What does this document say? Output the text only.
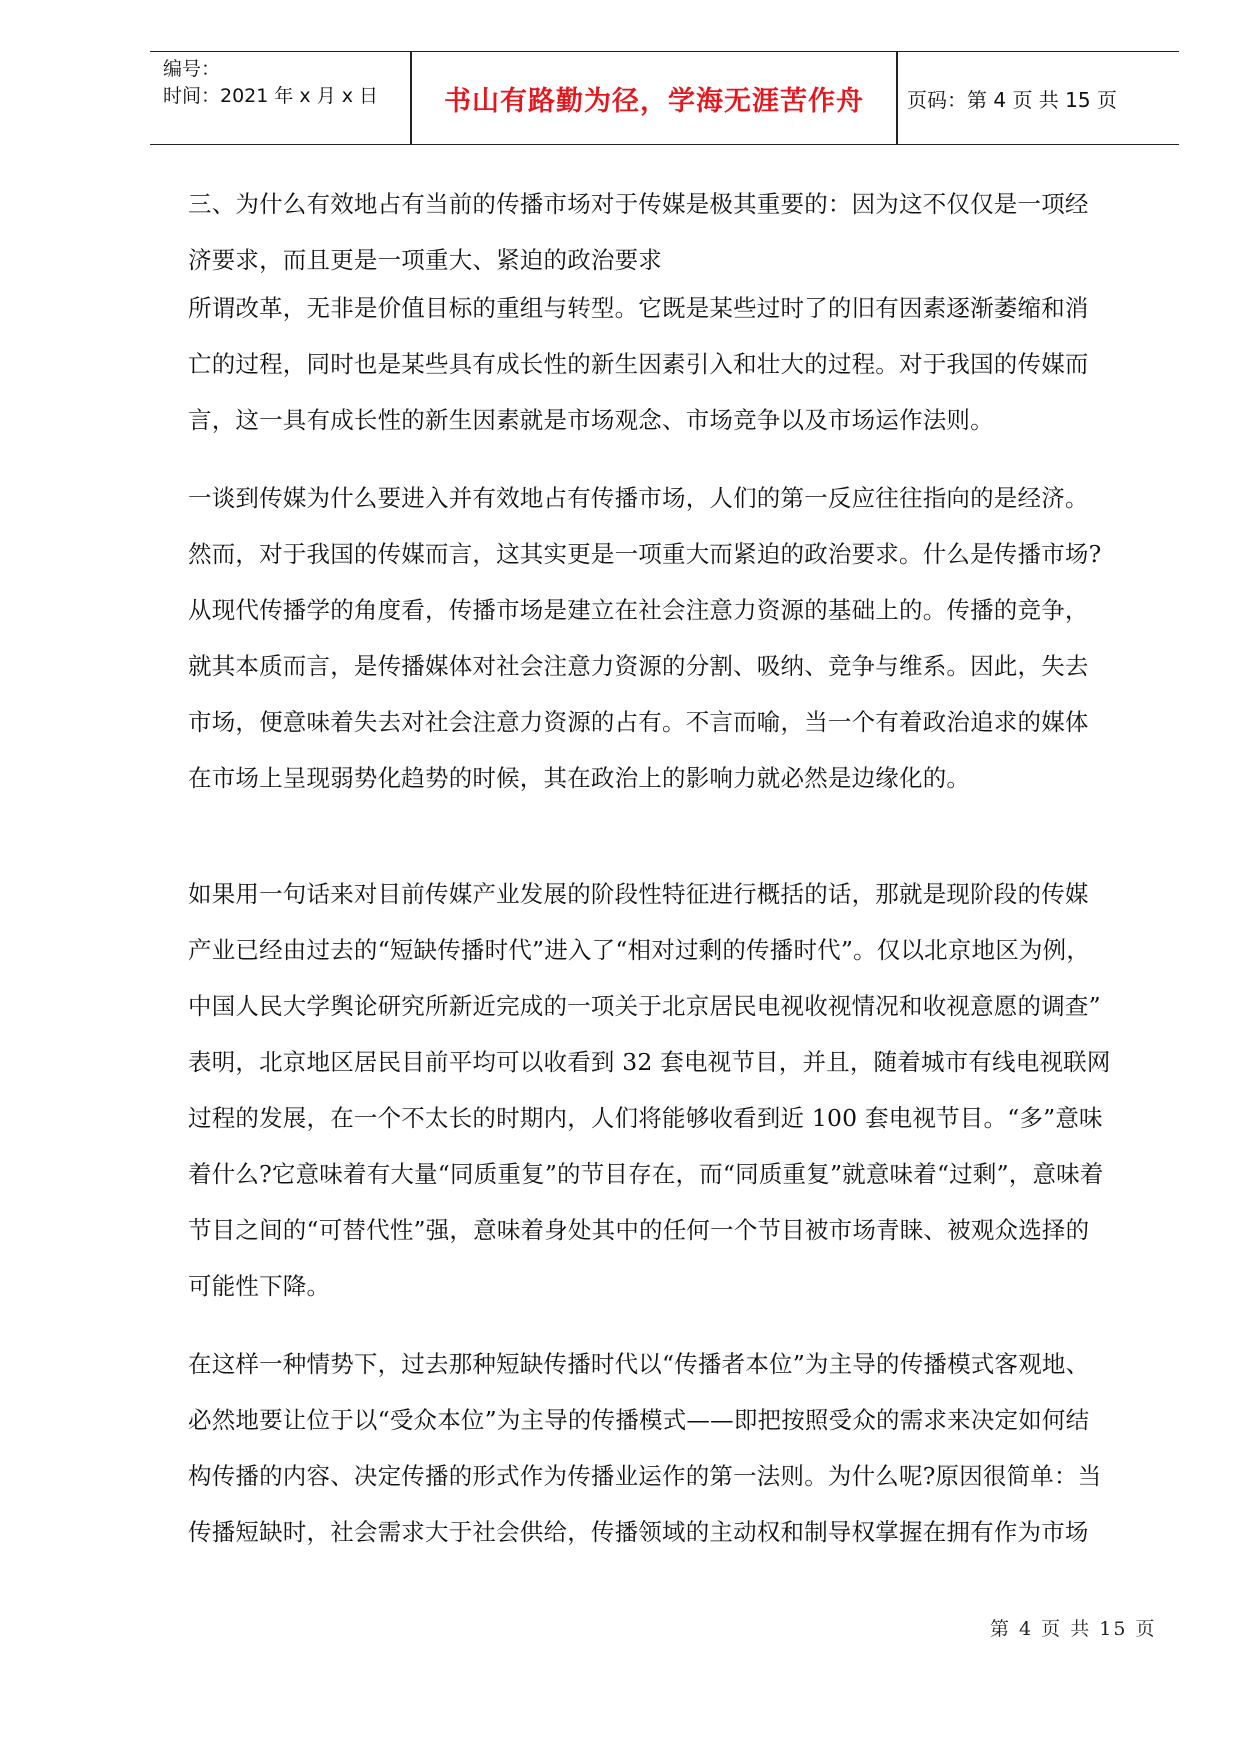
编号：
时间：2021 年 x 月 x 日	书山有路勤为径，学海无涯苦作舟	页码：第 4 页 共 15 页

三、为什么有效地占有当前的传播市场对于传媒是极其重要的：因为这不仅仅是一项经
济要求，而且更是一项重大、紧迫的政治要求

所谓改革，无非是价值目标的重组与转型。它既是某些过时了的旧有因素逐渐萎缩和消
亡的过程，同时也是某些具有成长性的新生因素引入和壮大的过程。对于我国的传媒而
言，这一具有成长性的新生因素就是市场观念、市场竞争以及市场运作法则。

一谈到传媒为什么要进入并有效地占有传播市场，人们的第一反应往往指向的是经济。
然而，对于我国的传媒而言，这其实更是一项重大而紧迫的政治要求。什么是传播市场?
从现代传播学的角度看，传播市场是建立在社会注意力资源的基础上的。传播的竞争，
就其本质而言，是传播媒体对社会注意力资源的分割、吸纳、竞争与维系。因此，失去
市场，便意味着失去对社会注意力资源的占有。不言而喻，当一个有着政治追求的媒体
在市场上呈现弱势化趋势的时候，其在政治上的影响力就必然是边缘化的。

如果用一句话来对目前传媒产业发展的阶段性特征进行概括的话，那就是现阶段的传媒
产业已经由过去的“短缺传播时代”进入了“相对过剩的传播时代”。仅以北京地区为例，
中国人民大学舆论研究所新近完成的一项关于北京居民电视收视情况和收视意愿的调查”
表明，北京地区居民目前平均可以收看到 32 套电视节目，并且，随着城市有线电视联网
过程的发展，在一个不太长的时期内，人们将能够收看到近 100 套电视节目。“多”意味
着什么?它意味着有大量“同质重复”的节目存在，而“同质重复”就意味着“过剩”，意味着
节目之间的“可替代性”强，意味着身处其中的任何一个节目被市场青睐、被观众选择的
可能性下降。

在这样一种情势下，过去那种短缺传播时代以“传播者本位”为主导的传播模式客观地、
必然地要让位于以“受众本位”为主导的传播模式——即把按照受众的需求来决定如何结
构传播的内容、决定传播的形式作为传播业运作的第一法则。为什么呢?原因很简单：当
传播短缺时，社会需求大于社会供给，传播领域的主动权和制导权掌握在拥有作为市场

第 4 页 共 15 页
